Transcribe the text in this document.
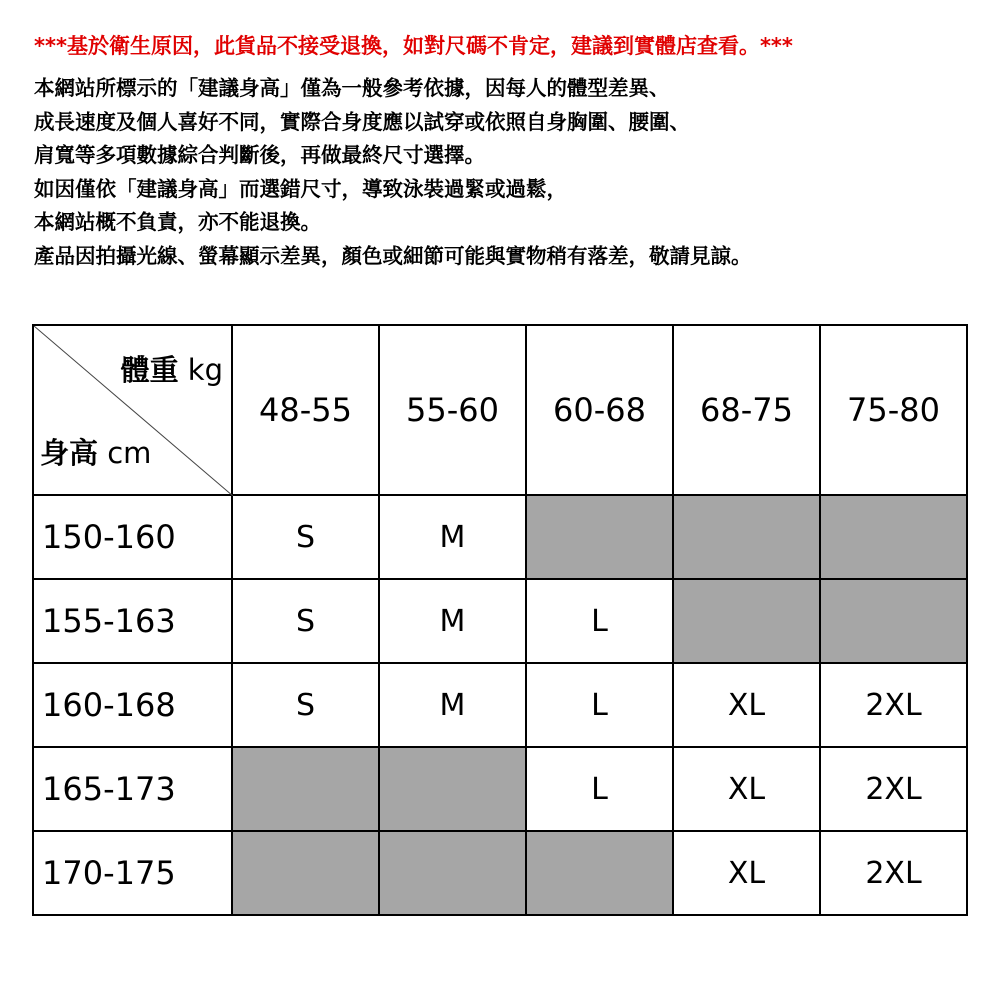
***基於衛生原因，此貨品不接受退換，如對尺碼不肯定，建議到實體店查看。***
本網站所標示的「建議身高」僅為一般參考依據，因每人的體型差異、
成長速度及個人喜好不同，實際合身度應以試穿或依照自身胸圍、腰圍、
肩寬等多項數據綜合判斷後，再做最終尺寸選擇。
如因僅依「建議身高」而選錯尺寸，導致泳裝過緊或過鬆，
本網站概不負責，亦不能退換。
產品因拍攝光線、螢幕顯示差異，顏色或細節可能與實物稍有落差，敬請見諒。
體重 kg
身高 cm	48-55	55-60	60-68	68-75	75-80
150-160	S	M			
155-163	S	M	L		
160-168	S	M	L	XL	2XL
165-173			L	XL	2XL
170-175				XL	2XL
